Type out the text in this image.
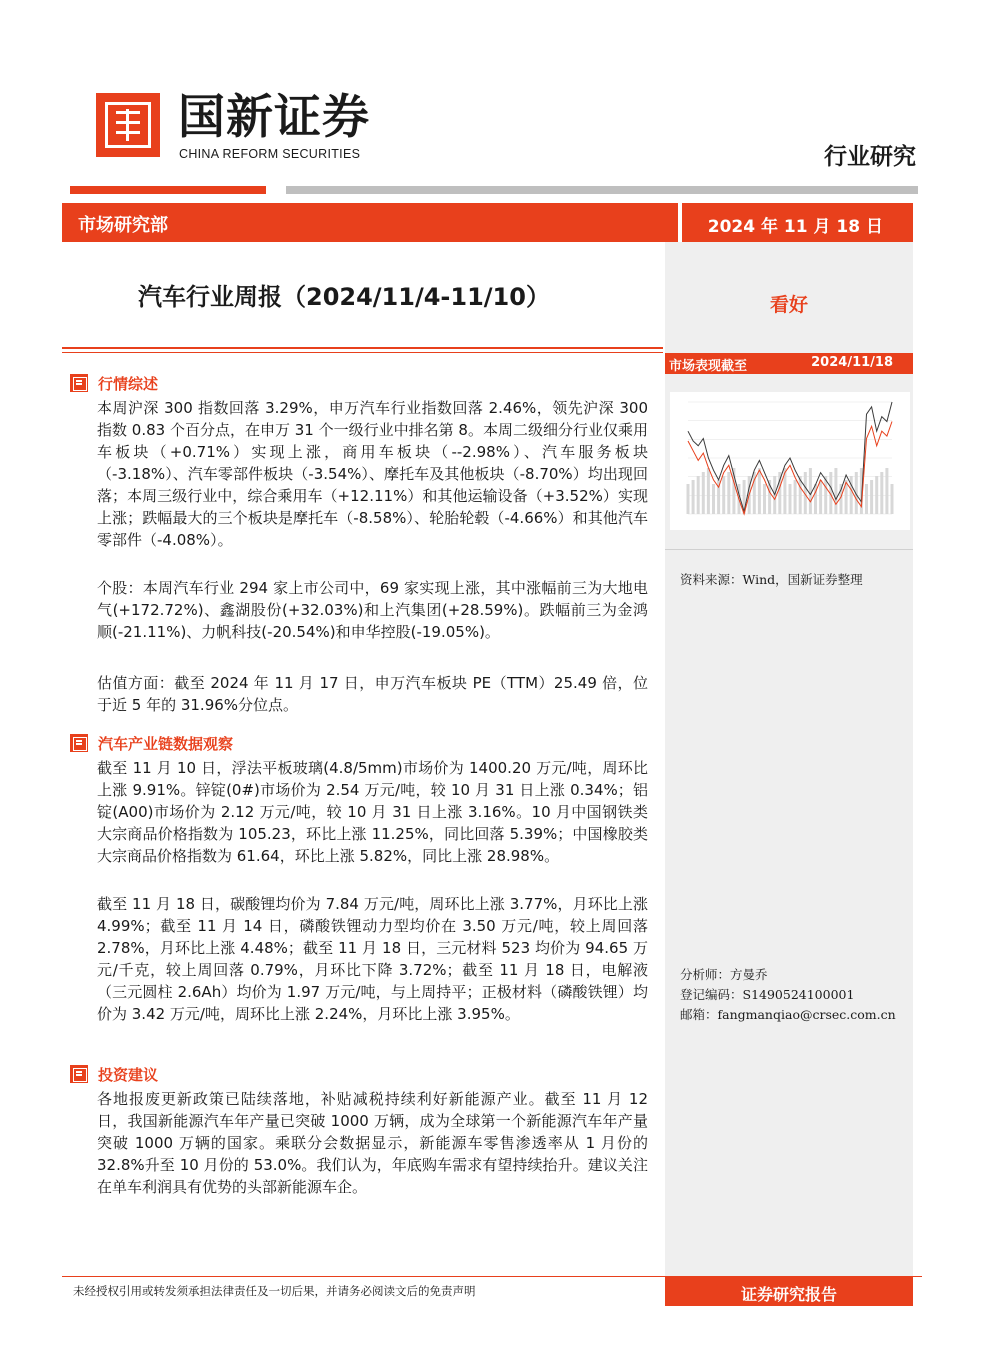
国新证券
CHINA REFORM SECURITIES	行业研究
市场研究部	2024 年 11 月 18 日
汽车行业周报（2024/11/4-11/10）	看好
市场表现截至	2024/11/18
资料来源：Wind，国新证券整理
分析师：方曼乔
登记编码：S1490524100001
邮箱：fangmanqiao@crsec.com.cn
行情综述
本周沪深 300 指数回落 3.29%，申万汽车行业指数回落 2.46%，领先沪深 300 指数 0.83 个百分点，在申万 31 个一级行业中排名第 8。本周二级细分行业仅乘用车板块（+0.71%）实现上涨，商用车板块（--2.98%）、汽车服务板块（-3.18%）、汽车零部件板块（-3.54%）、摩托车及其他板块（-8.70%）均出现回落；本周三级行业中，综合乘用车（+12.11%）和其他运输设备（+3.52%）实现上涨；跌幅最大的三个板块是摩托车（-8.58%）、轮胎轮毂（-4.66%）和其他汽车零部件（-4.08%）。
个股：本周汽车行业 294 家上市公司中，69 家实现上涨，其中涨幅前三为大地电气(+172.72%)、鑫湖股份(+32.03%)和上汽集团(+28.59%)。跌幅前三为金鸿顺(-21.11%)、力帆科技(-20.54%)和申华控股(-19.05%)。
估值方面：截至 2024 年 11 月 17 日，申万汽车板块 PE（TTM）25.49 倍，位于近 5 年的 31.96%分位点。
汽车产业链数据观察
截至 11 月 10 日，浮法平板玻璃(4.8/5mm)市场价为 1400.20 万元/吨，周环比上涨 9.91%。锌锭(0#)市场价为 2.54 万元/吨，较 10 月 31 日上涨 0.34%；铝锭(A00)市场价为 2.12 万元/吨，较 10 月 31 日上涨 3.16%。10 月中国钢铁类大宗商品价格指数为 105.23，环比上涨 11.25%，同比回落 5.39%；中国橡胶类大宗商品价格指数为 61.64，环比上涨 5.82%，同比上涨 28.98%。
截至 11 月 18 日，碳酸锂均价为 7.84 万元/吨，周环比上涨 3.77%，月环比上涨 4.99%；截至 11 月 14 日，磷酸铁锂动力型均价在 3.50 万元/吨，较上周回落 2.78%，月环比上涨 4.48%；截至 11 月 18 日，三元材料 523 均价为 94.65 万元/千克，较上周回落 0.79%，月环比下降 3.72%；截至 11 月 18 日，电解液（三元圆柱 2.6Ah）均价为 1.97 万元/吨，与上周持平；正极材料（磷酸铁锂）均价为 3.42 万元/吨，周环比上涨 2.24%，月环比上涨 3.95%。
投资建议
各地报废更新政策已陆续落地，补贴减税持续利好新能源产业。截至 11 月 12 日，我国新能源汽车年产量已突破 1000 万辆，成为全球第一个新能源汽车年产量突破 1000 万辆的国家。乘联分会数据显示，新能源车零售渗透率从 1 月份的 32.8%升至 10 月份的 53.0%。我们认为，年底购车需求有望持续抬升。建议关注在单车利润具有优势的头部新能源车企。
未经授权引用或转发须承担法律责任及一切后果，并请务必阅读文后的免责声明	证券研究报告
